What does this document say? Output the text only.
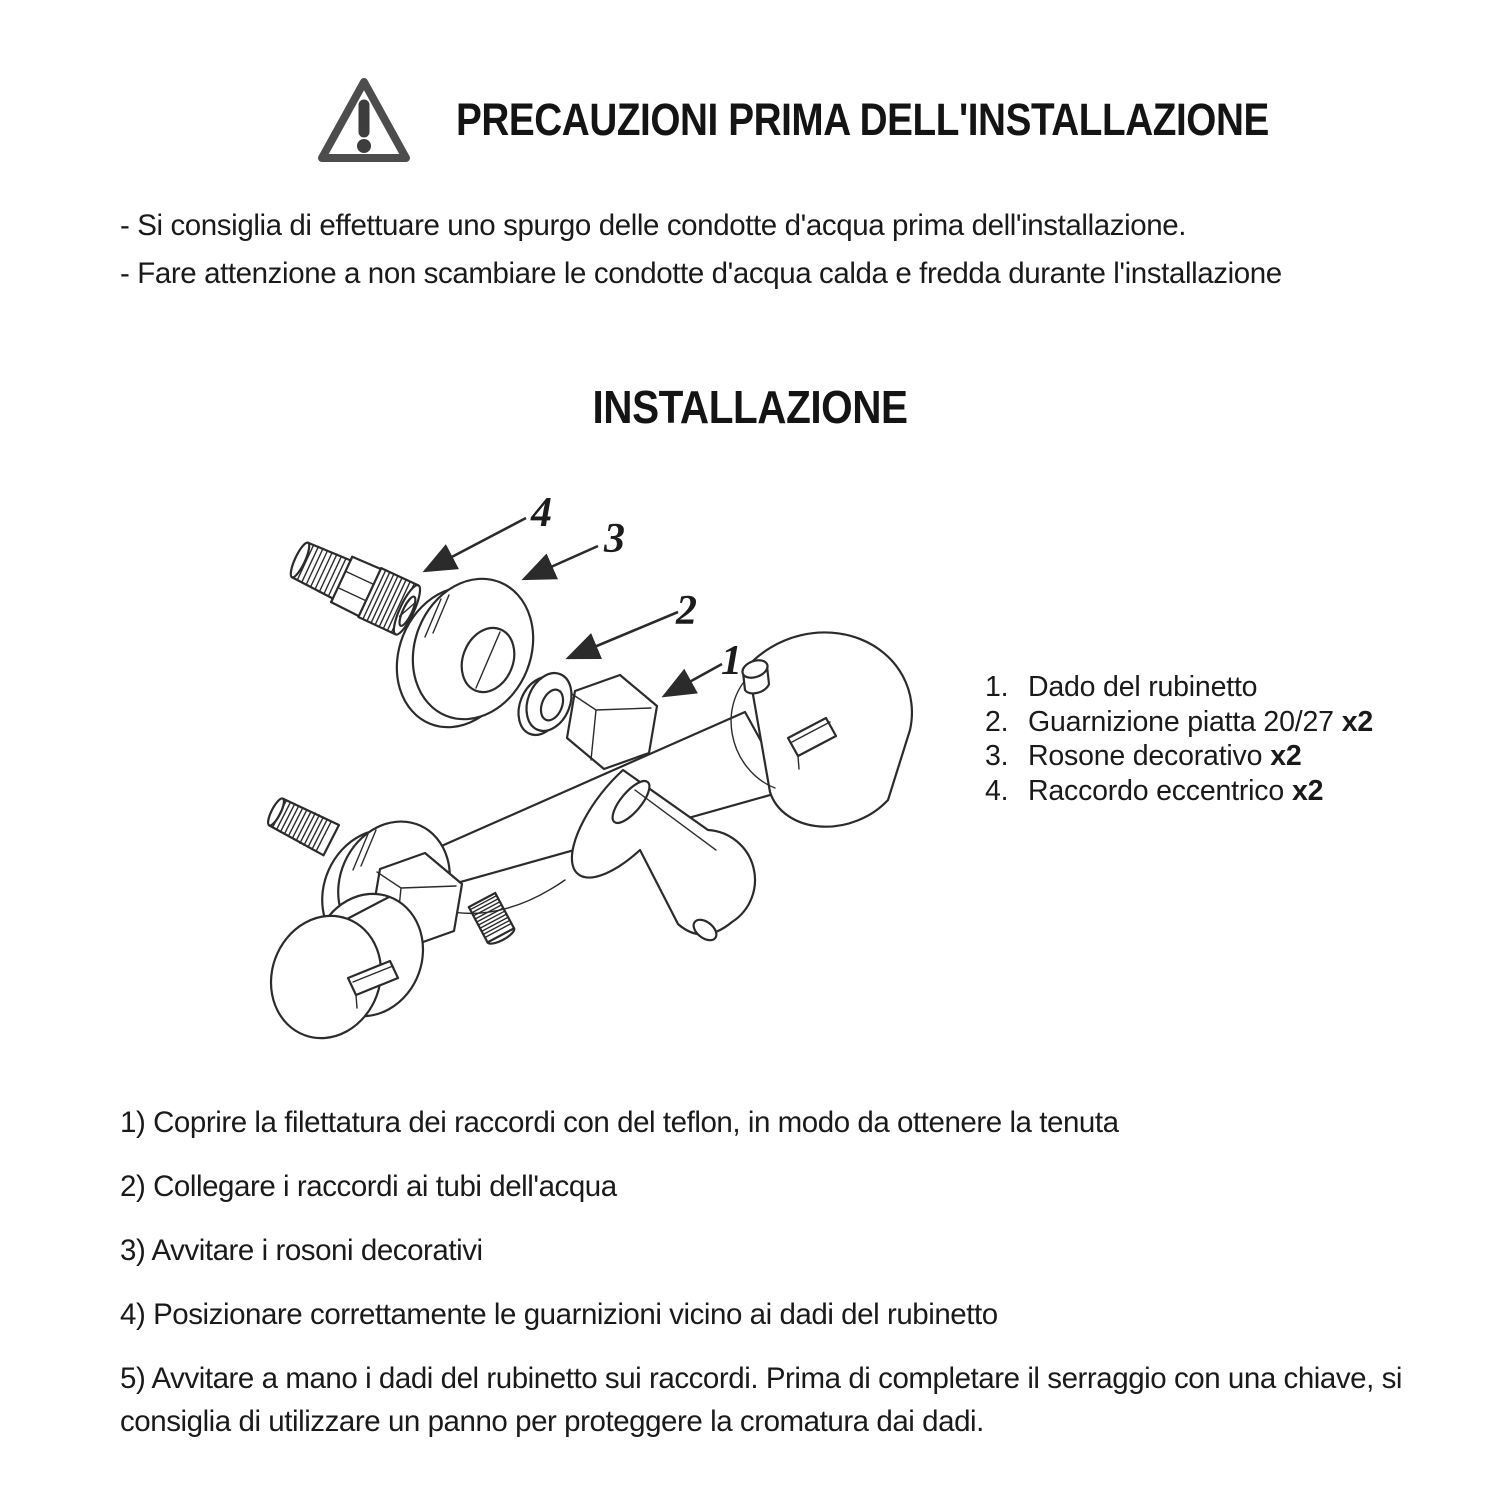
PRECAUZIONI PRIMA DELL'INSTALLAZIONE
- Si consiglia di effettuare uno spurgo delle condotte d'acqua prima dell'installazione.
- Fare attenzione a non scambiare le condotte d'acqua calda e fredda durante l'installazione
INSTALLAZIONE
4
3
2
1
1. Dado del rubinetto
2. Guarnizione piatta 20/27 x2
3. Rosone decorativo x2
4. Raccordo eccentrico x2

1) Coprire la filettatura dei raccordi con del teflon, in modo da ottenere la tenuta

2) Collegare i raccordi ai tubi dell'acqua

3) Avvitare i rosoni decorativi

4) Posizionare correttamente le guarnizioni vicino ai dadi del rubinetto

5) Avvitare a mano i dadi del rubinetto sui raccordi. Prima di completare il serraggio con una chiave, si consiglia di utilizzare un panno per proteggere la cromatura dai dadi.
